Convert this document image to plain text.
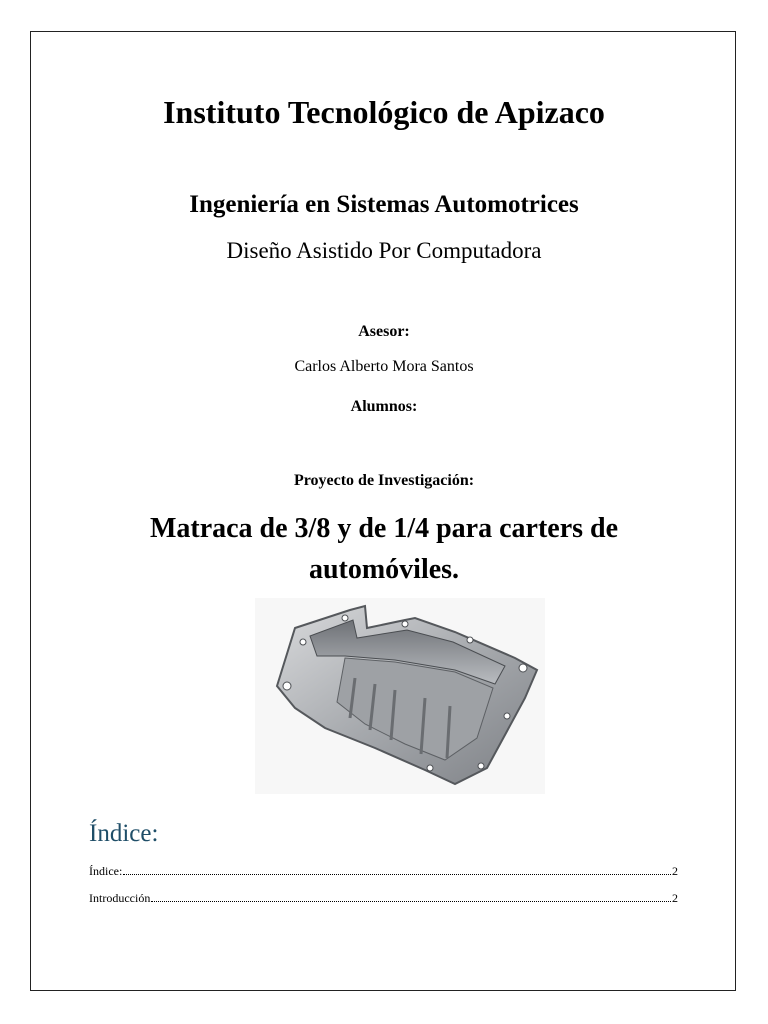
Instituto Tecnológico de Apizaco
Ingeniería en Sistemas Automotrices
Diseño Asistido Por Computadora
Asesor:
Carlos Alberto Mora Santos
Alumnos:
Proyecto de Investigación:
Matraca de 3/8 y de 1/4 para carters de automóviles.
Índice:
Índice:	2
Introducción	2
